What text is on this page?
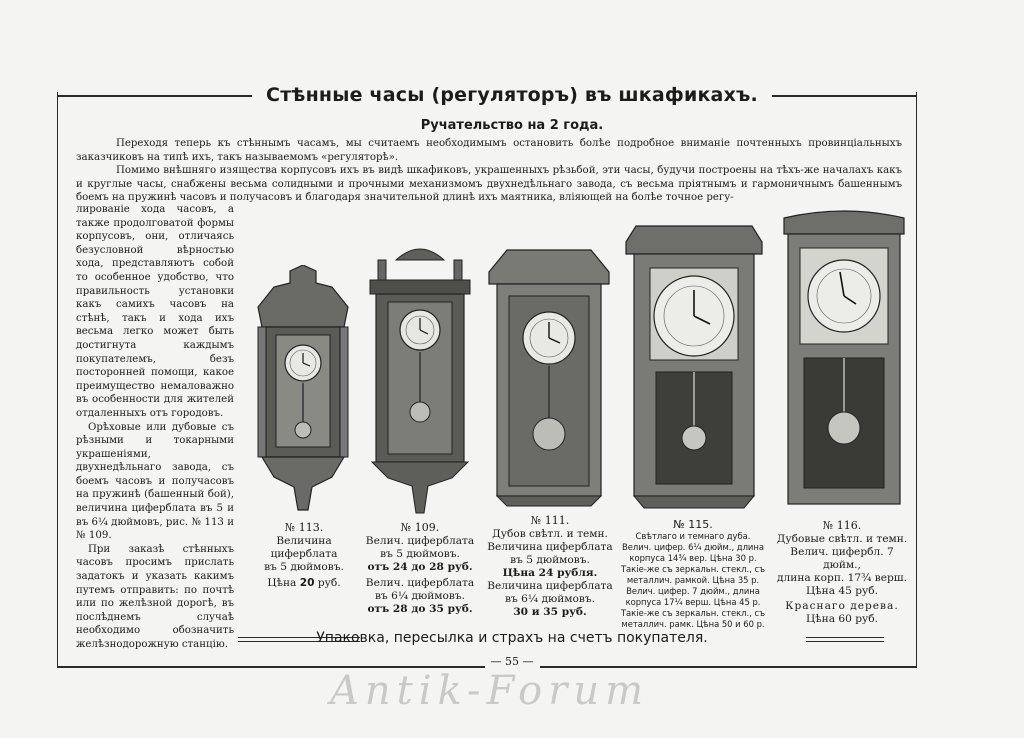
Стѣнные часы (регуляторъ) въ шкафикахъ.
Ручательство на 2 года.

Переходя теперь къ стѣннымъ часамъ, мы считаемъ необходимымъ остановить болѣе подробное вниманіе почтенныхъ провинціальныхъ заказчиковъ на типѣ ихъ, такъ называемомъ «регуляторѣ».

Помимо внѣшняго изящества корпусовъ ихъ въ видѣ шкафиковъ, украшенныхъ рѣзьбой, эти часы, будучи построены на тѣхъ-же началахъ какъ и круглые часы, снабжены весьма солидными и прочными механизмомъ двухнедѣльнаго завода, съ весьма пріятнымъ и гармоничнымъ башеннымъ боемъ на пружинѣ часовъ и получасовъ и благодаря значительной длинѣ ихъ маятника, вліяющей на болѣе точное регу-

лированіе хода часовъ, а также продолговатой формы корпусовъ, они, отличаясь безусловной вѣрностью хода, представляютъ собой то особенное удобство, что правильность установки какъ самихъ часовъ на стѣнѣ, такъ и хода ихъ весьма легко может быть достигнута каждымъ покупателемъ, безъ посторонней помощи, какое преимущество немаловажно въ особенности для жителей отдаленныхъ отъ городовъ.

Орѣховые или дубовые съ рѣзными и токарными украшеніями, двухнедѣльнаго завода, съ боемъ часовъ и получасовъ на пружинѣ (башенный бой), величина циферблата въ 5 и въ 6¼ дюймовъ, рис. № 113 и № 109.

При заказѣ стѣнныхъ часовъ просимъ прислать задатокъ и указать какимъ путемъ отправить: по почтѣ или по желѣзной дорогѣ, въ послѣднемъ случаѣ необходимо обозначить желѣзнодорожную станцію.

№ 113.
Величина
циферблата
въ 5 дюймовъ.
Цѣна 20 руб.
№ 109.
Велич. циферблата
въ 5 дюймовъ.
отъ 24 до 28 руб.
Велич. циферблата
въ 6¼ дюймовъ.
отъ 28 до 35 руб.
№ 111.
Дубов свѣтл. и темн.
Величина циферблата
въ 5 дюймовъ.
Цѣна 24 рубля.
Величина циферблата
въ 6¼ дюймовъ.
30 и 35 руб.
№ 115.
Свѣтлаго и темнаго дуба.
Велич. цифер. 6¼ дюйм., длина
корпуса 14¾ вер. Цѣна 30 р.
Такіе-же съ зеркальн. стекл., съ
металлич. рамкой. Цѣна 35 р.
Велич. цифер. 7 дюйм., длина
корпуса 17¼ верш. Цѣна 45 р.
Такіе-же съ зеркальн. стекл., съ
металлич. рамк. Цѣна 50 и 60 р.
№ 116.
Дубовые свѣтл. и темн.
Велич. цифербл. 7 дюйм.,
длина корп. 17¾ верш.
Цѣна 45 руб.
Краснаго дерева.
Цѣна 60 руб.
Упаковка, пересылка и страхъ на счетъ покупателя.
— 55 —
Antik-Forum
